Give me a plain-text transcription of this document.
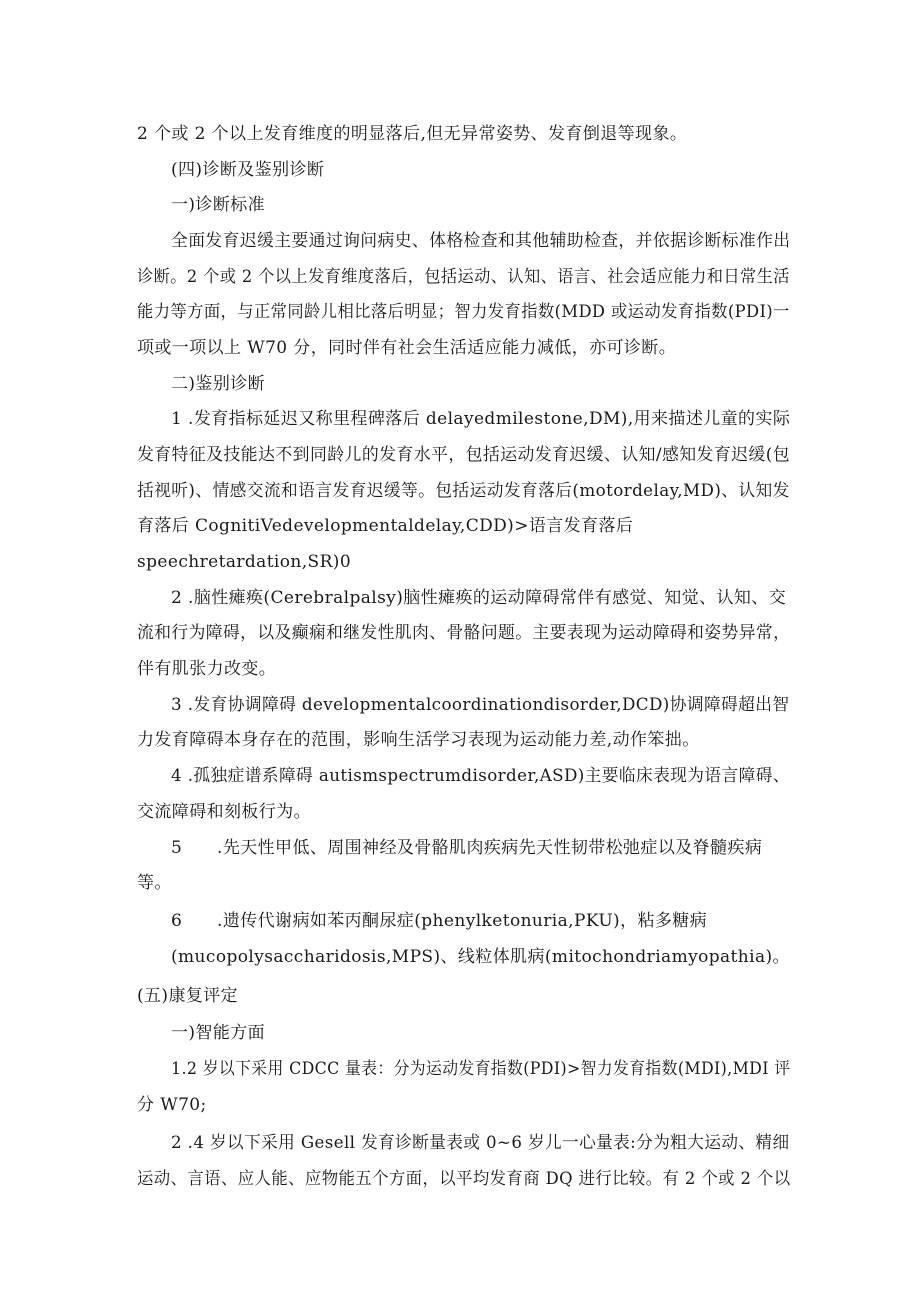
2 个或 2 个以上发育维度的明显落后,但无异常姿势、发育倒退等现象。
(四)诊断及鉴别诊断
一)诊断标准
全面发育迟缓主要通过询问病史、体格检查和其他辅助检查，并依据诊断标准作出
诊断。2 个或 2 个以上发育维度落后，包括运动、认知、语言、社会适应能力和日常生活
能力等方面，与正常同龄儿相比落后明显；智力发育指数(MDD 或运动发育指数(PDI)一
项或一项以上 W70 分，同时伴有社会生活适应能力减低，亦可诊断。
二)鉴别诊断
1 .发育指标延迟又称里程碑落后 delayedmilestone,DM),用来描述儿童的实际
发育特征及技能达不到同龄儿的发育水平，包括运动发育迟缓、认知/感知发育迟缓(包
括视听)、情感交流和语言发育迟缓等。包括运动发育落后(motordelay,MD)、认知发
育落后 CognitiVedevelopmentaldelay,CDD)>语言发育落后
speechretardation,SR)0
2 .脑性瘫痪(Cerebralpalsy)脑性瘫痪的运动障碍常伴有感觉、知觉、认知、交
流和行为障碍，以及癫痫和继发性肌肉、骨骼问题。主要表现为运动障碍和姿势异常，
伴有肌张力改变。
3 .发育协调障碍 developmentalcoordinationdisorder,DCD)协调障碍超出智
力发育障碍本身存在的范围，影响生活学习表现为运动能力差,动作笨拙。
4 .孤独症谱系障碍 autismspectrumdisorder,ASD)主要临床表现为语言障碍、
交流障碍和刻板行为。
5      .先天性甲低、周围神经及骨骼肌肉疾病先天性韧带松弛症以及脊髓疾病
等。
6      .遗传代谢病如苯丙酮尿症(phenylketonuria,PKU)，粘多糖病
(mucopolysaccharidosis,MPS)、线粒体肌病(mitochondriamyopathia)。
(五)康复评定
一)智能方面
1.2 岁以下采用 CDCC 量表：分为运动发育指数(PDI)>智力发育指数(MDI),MDI 评
分 W70;
2 .4 岁以下采用 Gesell 发育诊断量表或 0~6 岁儿一心量表:分为粗大运动、精细
运动、言语、应人能、应物能五个方面，以平均发育商 DQ 进行比较。有 2 个或 2 个以
